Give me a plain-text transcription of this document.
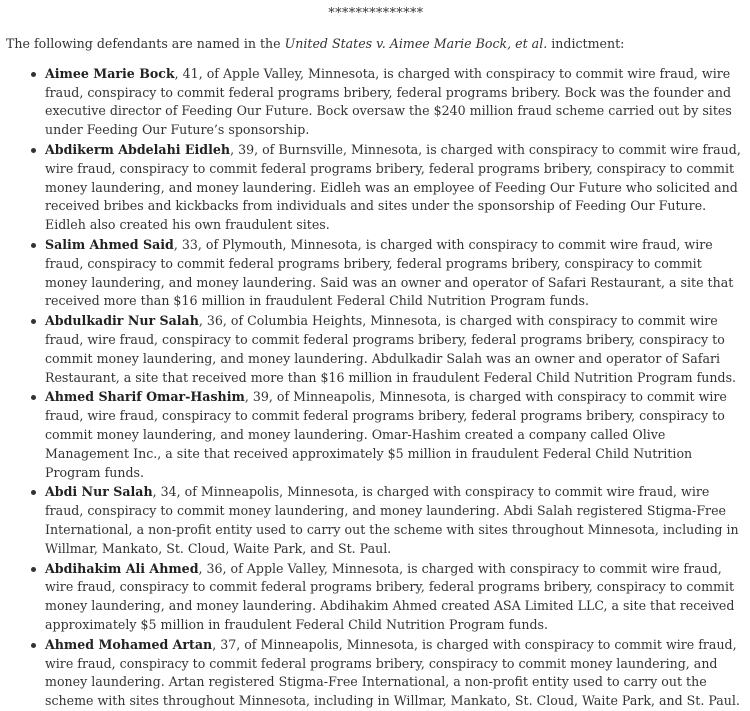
**************

The following defendants are named in the United States v. Aimee Marie Bock, et al. indictment:

Aimee Marie Bock, 41, of Apple Valley, Minnesota, is charged with conspiracy to commit wire fraud, wire fraud, conspiracy to commit federal programs bribery, federal programs bribery. Bock was the founder and executive director of Feeding Our Future. Bock oversaw the $240 million fraud scheme carried out by sites under Feeding Our Future’s sponsorship.
Abdikerm Abdelahi Eidleh, 39, of Burnsville, Minnesota, is charged with conspiracy to commit wire fraud, wire fraud, conspiracy to commit federal programs bribery, federal programs bribery, conspiracy to commit money laundering, and money laundering. Eidleh was an employee of Feeding Our Future who solicited and received bribes and kickbacks from individuals and sites under the sponsorship of Feeding Our Future. Eidleh also created his own fraudulent sites.
Salim Ahmed Said, 33, of Plymouth, Minnesota, is charged with conspiracy to commit wire fraud, wire fraud, conspiracy to commit federal programs bribery, federal programs bribery, conspiracy to commit money laundering, and money laundering. Said was an owner and operator of Safari Restaurant, a site that received more than $16 million in fraudulent Federal Child Nutrition Program funds.
Abdulkadir Nur Salah, 36, of Columbia Heights, Minnesota, is charged with conspiracy to commit wire fraud, wire fraud, conspiracy to commit federal programs bribery, federal programs bribery, conspiracy to commit money laundering, and money laundering. Abdulkadir Salah was an owner and operator of Safari Restaurant, a site that received more than $16 million in fraudulent Federal Child Nutrition Program funds.
Ahmed Sharif Omar-Hashim, 39, of Minneapolis, Minnesota, is charged with conspiracy to commit wire fraud, wire fraud, conspiracy to commit federal programs bribery, federal programs bribery, conspiracy to commit money laundering, and money laundering. Omar-Hashim created a company called Olive Management Inc., a site that received approximately $5 million in fraudulent Federal Child Nutrition Program funds.
Abdi Nur Salah, 34, of Minneapolis, Minnesota, is charged with conspiracy to commit wire fraud, wire fraud, conspiracy to commit money laundering, and money laundering. Abdi Salah registered Stigma-Free International, a non-profit entity used to carry out the scheme with sites throughout Minnesota, including in Willmar, Mankato, St. Cloud, Waite Park, and St. Paul.
Abdihakim Ali Ahmed, 36, of Apple Valley, Minnesota, is charged with conspiracy to commit wire fraud, wire fraud, conspiracy to commit federal programs bribery, federal programs bribery, conspiracy to commit money laundering, and money laundering. Abdihakim Ahmed created ASA Limited LLC, a site that received approximately $5 million in fraudulent Federal Child Nutrition Program funds.
Ahmed Mohamed Artan, 37, of Minneapolis, Minnesota, is charged with conspiracy to commit wire fraud, wire fraud, conspiracy to commit federal programs bribery, conspiracy to commit money laundering, and money laundering. Artan registered Stigma-Free International, a non-profit entity used to carry out the scheme with sites throughout Minnesota, including in Willmar, Mankato, St. Cloud, Waite Park, and St. Paul.
